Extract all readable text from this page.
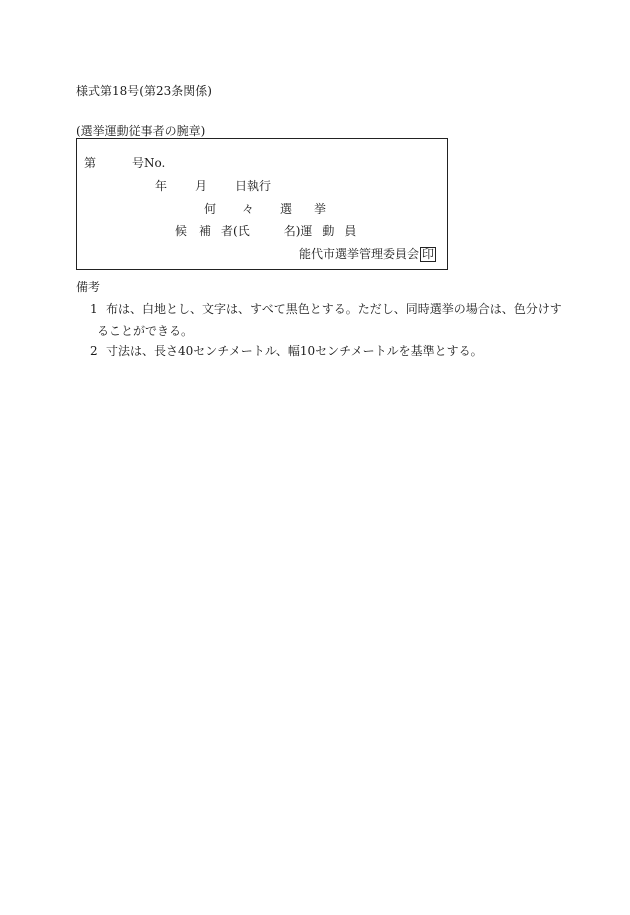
様式第18号(第23条関係)
(選挙運動従事者の腕章)
第	号No.
年 月 日執行
何 々 選 挙
候 補 者(氏	名)運 動 員
能代市選挙管理委員会 印
備考
1 布は、白地とし、文字は、すべて黒色とする。ただし、同時選挙の場合は、色分けす
ることができる。
2 寸法は、長さ40センチメートル、幅10センチメートルを基準とする。
